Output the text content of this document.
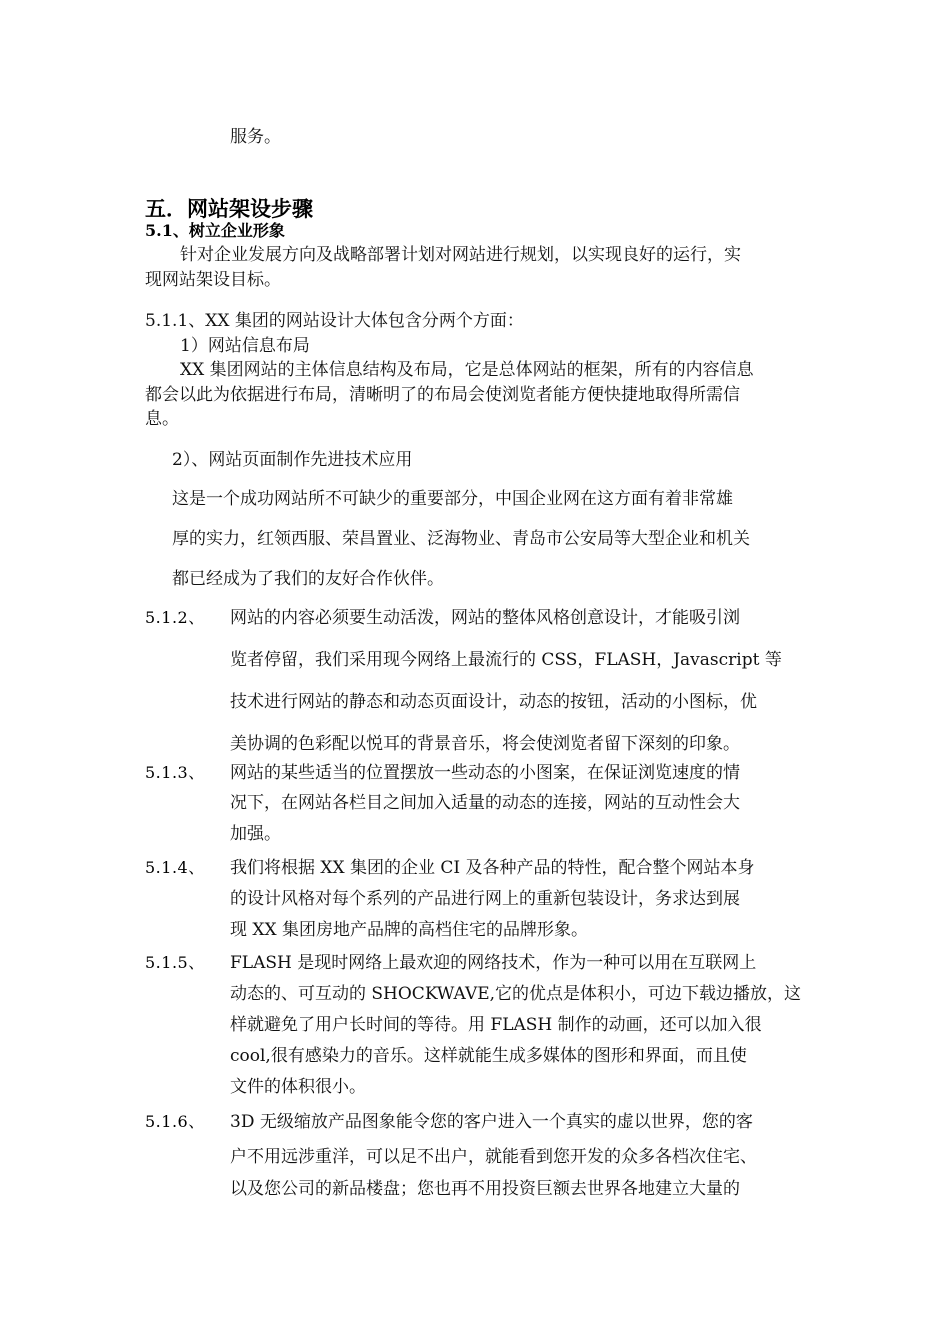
服务。
五．网站架设步骤
5.1、树立企业形象
针对企业发展方向及战略部署计划对网站进行规划，以实现良好的运行，实
现网站架设目标。
5.1.1、XX 集团的网站设计大体包含分两个方面：
1）网站信息布局
XX 集团网站的主体信息结构及布局，它是总体网站的框架，所有的内容信息
都会以此为依据进行布局，清晰明了的布局会使浏览者能方便快捷地取得所需信
息。
2）、网站页面制作先进技术应用
这是一个成功网站所不可缺少的重要部分，中国企业网在这方面有着非常雄
厚的实力，红领西服、荣昌置业、泛海物业、青岛市公安局等大型企业和机关
都已经成为了我们的友好合作伙伴。
5.1.2、 网站的内容必须要生动活泼，网站的整体风格创意设计，才能吸引浏
览者停留，我们采用现今网络上最流行的 CSS，FLASH，Javascript 等
技术进行网站的静态和动态页面设计，动态的按钮，活动的小图标，优
美协调的色彩配以悦耳的背景音乐，将会使浏览者留下深刻的印象。
5.1.3、 网站的某些适当的位置摆放一些动态的小图案，在保证浏览速度的情
况下，在网站各栏目之间加入适量的动态的连接，网站的互动性会大
加强。
5.1.4、 我们将根据 XX 集团的企业 CI 及各种产品的特性，配合整个网站本身
的设计风格对每个系列的产品进行网上的重新包装设计，务求达到展
现 XX 集团房地产品牌的高档住宅的品牌形象。
5.1.5、 FLASH 是现时网络上最欢迎的网络技术，作为一种可以用在互联网上
动态的、可互动的 SHOCKWAVE,它的优点是体积小，可边下载边播放，这
样就避免了用户长时间的等待。用 FLASH 制作的动画，还可以加入很
cool,很有感染力的音乐。这样就能生成多媒体的图形和界面，而且使
文件的体积很小。
5.1.6、 3D 无级缩放产品图象能令您的客户进入一个真实的虚以世界，您的客
户不用远涉重洋，可以足不出户，就能看到您开发的众多各档次住宅、
以及您公司的新品楼盘；您也再不用投资巨额去世界各地建立大量的
